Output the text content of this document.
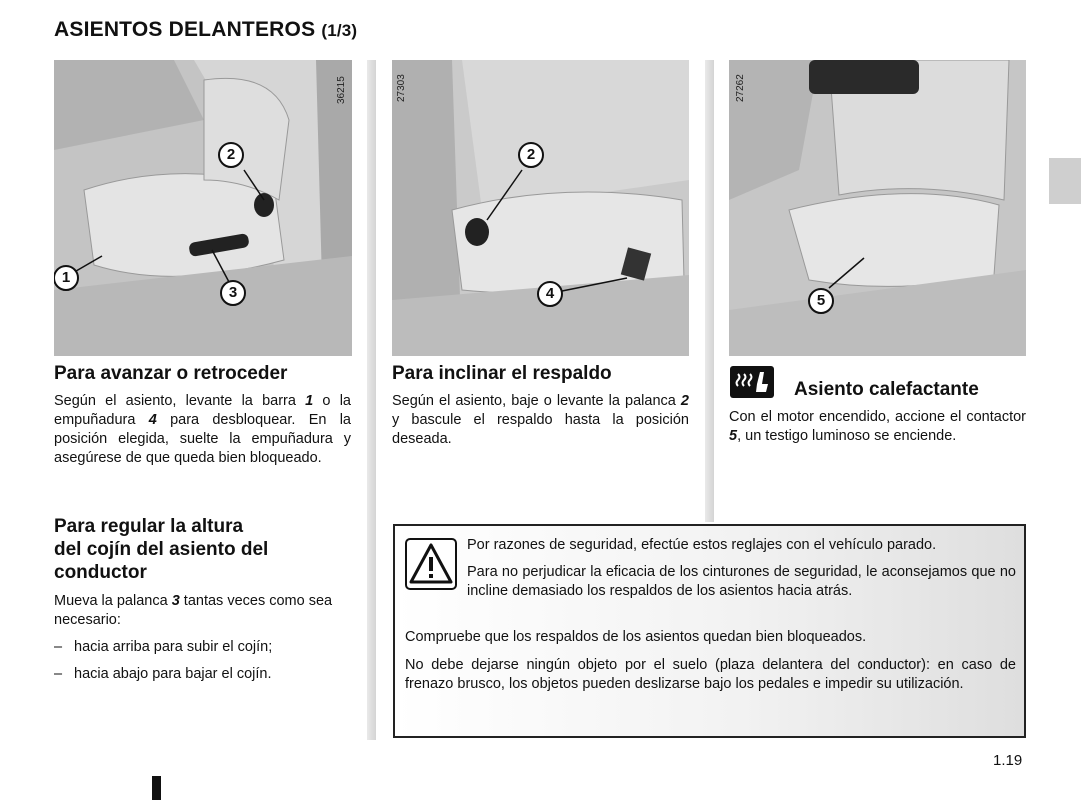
ASIENTOS DELANTEROS (1/3)
36215
2
1
3
27303
2
4
27262
5
Para avanzar o retroceder
Según el asiento, levante la barra 1 o la empuñadura 4 para desbloquear. En la posición elegida, suelte la empuñadura y asegúrese de que queda bien bloqueado.
Para regular la altura
del cojín del asiento del
conductor
Mueva la palanca 3 tantas veces como sea necesario:
– hacia arriba para subir el cojín;
– hacia abajo para bajar el cojín.
Para inclinar el respaldo
Según el asiento, baje o levante la palanca 2 y bascule el respaldo hasta la posición deseada.
Asiento calefactante
Con el motor encendido, accione el contactor 5, un testigo luminoso se enciende.

Por razones de seguridad, efectúe estos reglajes con el vehículo parado.

Para no perjudicar la eficacia de los cinturones de seguridad, le aconsejamos que no incline demasiado los respaldos de los asientos hacia atrás.

Compruebe que los respaldos de los asientos quedan bien bloqueados.

No debe dejarse ningún objeto por el suelo (plaza delantera del conductor): en caso de frenazo brusco, los objetos pueden deslizarse bajo los pedales e impedir su utilización.

1.19
